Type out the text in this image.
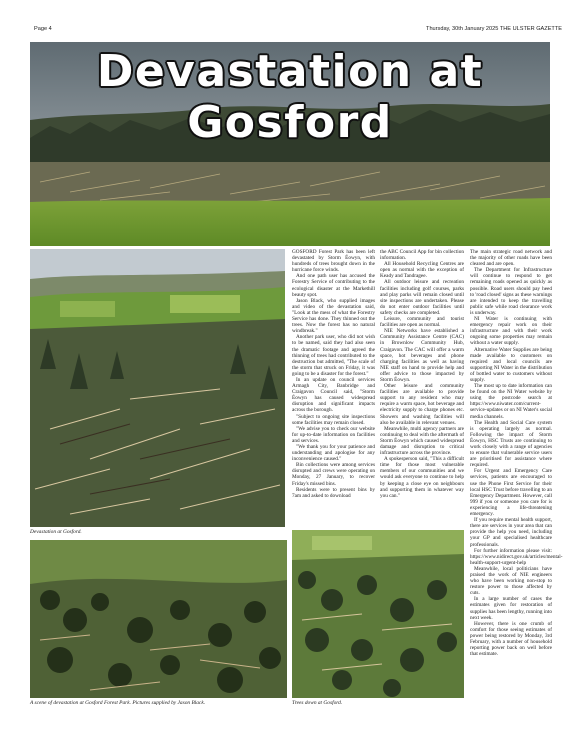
Page 4	Thursday, 30th January 2025 THE ULSTER GAZETTE
Devastation at Gosford
Devastation at Gosford.
A scene of devastation at Gosford Forest Park. Pictures supplied by Jason Black.	Trees down at Gosford.

GOSFORD Forest Park has been left devastated by Storm Éowyn, with hundreds of trees brought down in the hurricane force winds.

And one path user has accused the Forestry Service of contributing to the ecological disaster at the Markethill beauty spot.

Jason Black, who supplied images and video of the devastation said, "Look at the mess of what the Forestry Service has done. They thinned out the trees. Now the forest has no natural windbreak."

Another park user, who did not wish to be named, said they had also seen the dramatic footage and agreed the thinning of trees had contributed to the destruction but admitted, "The scale of the storm that struck on Friday, it was going to be a disaster for the forest."

In an update on council services Armagh City, Banbridge and Craigavon Council said, "Storm Éowyn has caused widespread disruption and significant impacts across the borough.

"Subject to ongoing site inspections some facilities may remain closed.

"We advise you to check our website for up-to-date information on facilities and services.

"We thank you for your patience and understanding and apologise for any inconvenience caused."

Bin collections were among services disrupted and crews were operating on Monday, 27 January, to recover Friday's missed bins.

Residents were to present bins by 7am and asked to download

the ABC Council App for bin collection information.

All Household Recycling Centres are open as normal with the exception of Keady and Tandragee.

All outdoor leisure and recreation facilities including golf courses, parks and play parks will remain closed until site inspections are undertaken. Please do not enter outdoor facilities until safety checks are completed.

Leisure, community and tourist facilities are open as normal.

NIE Networks have established a Community Assistance Centre (CAC) in Brownlow Community Hub, Craigavon. The CAC will offer a warm space, hot beverages and phone charging facilities as well as having NIE staff on hand to provide help and offer advice to those impacted by Storm Éowyn.

Other leisure and community facilities are available to provide support to any resident who may require a warm space, hot beverage and electricity supply to charge phones etc. Showers and washing facilities will also be available in relevant venues.

Meanwhile, multi agency partners are continuing to deal with the aftermath of Storm Éowyn which caused widespread damage and disruption to critical infrastructure across the province.

A spokesperson said, "This a difficult time for those most vulnerable members of our communities and we would ask everyone to continue to help by keeping a close eye on neighbours and supporting them in whatever way you can."

The main strategic road network and the majority of other roads have been cleared and are open.

The Department for Infrastructure will continue to respond to get remaining roads opened as quickly as possible. Road users should pay heed to 'road closed' signs as these warnings are intended to keep the travelling public safe while road clearance work is underway.

NI Water is continuing with emergency repair work on their infrastructure and with their work ongoing some properties may remain without a water supply.

Alternative Water Supplies are being made available to customers on required and local councils are supporting NI Water in the distribution of bottled water to customers without supply.

The most up to date information can be found on the NI Water website by using the postcode search at https://www.niwater.com/current-service-updates or on NI Water's social media channels.

The Health and Social Care system is operating largely as normal. Following the impact of Storm Éowyn, HSC Trusts are continuing to work closely with a range of agencies to ensure that vulnerable service users are prioritised for assistance where required.

For Urgent and Emergency Care services, patients are encouraged to use the Phone First Service for their local HSC Trust before travelling to an Emergency Department. However, call 999 if you or someone you care for is experiencing a life-threatening emergency.

If you require mental health support, there are services in your area that can provide the help you need, including your GP and specialised healthcare professionals.

For further information please visit: https://www.nidirect.gov.uk/articles/mental-health-support-urgent-help

Meanwhile, local politicians have praised the work of NIE engineers who have been working non-stop to restore power to those affected by cuts.

In a large number of cases the estimates given for restoration of supplies has been lengthy, running into next week.

However, there is one crumb of comfort for those seeing estimates of power being restored by Monday, 3rd February, with a number of household reporting power back on well before that estimate.
